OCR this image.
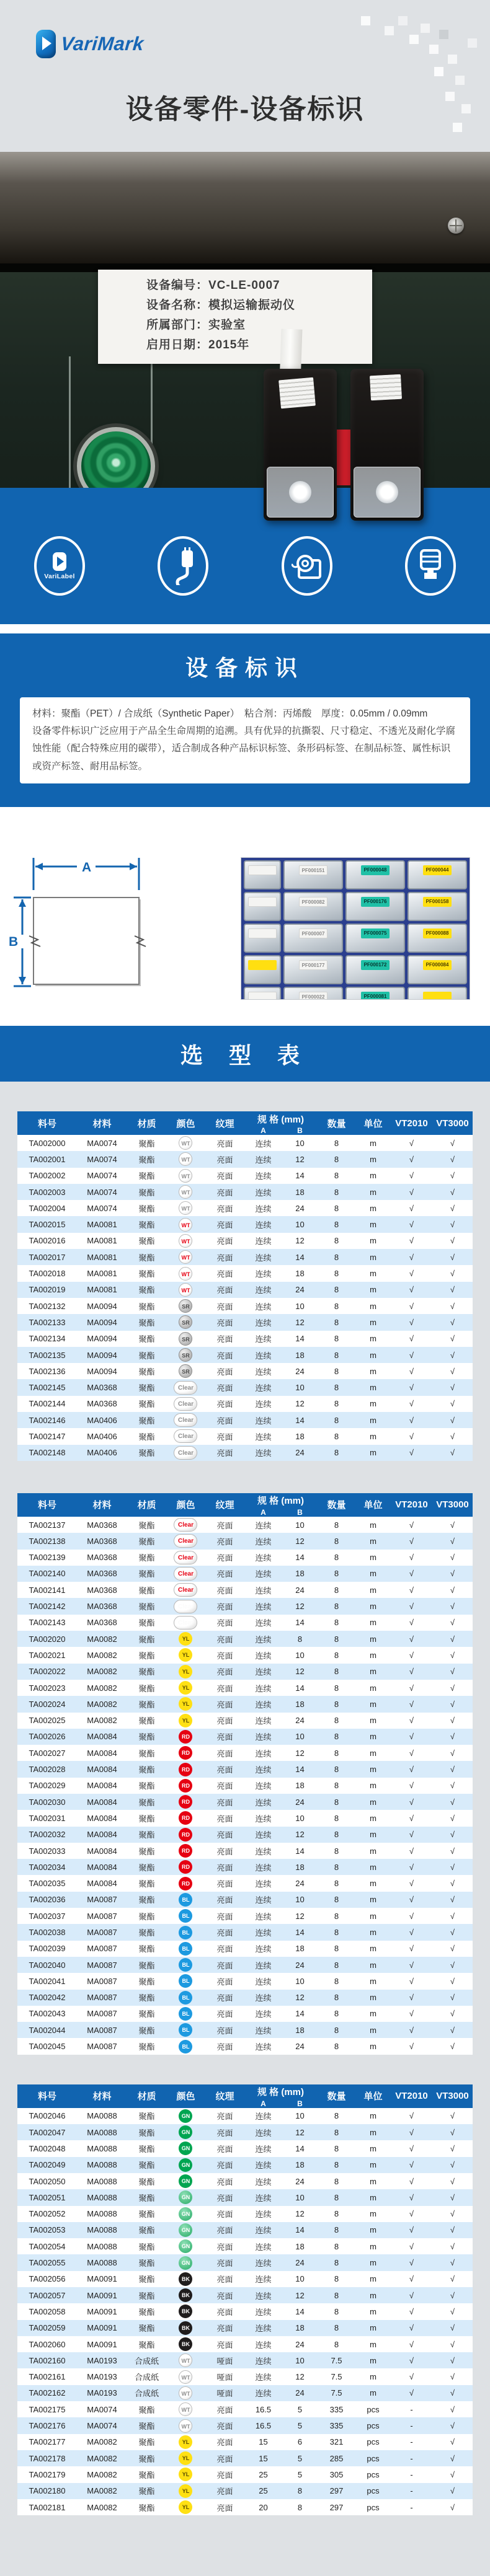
VariMark
设备零件-设备标识
设备编号：VC-LE-0007
设备名称：模拟运输振动仪
所属部门：实验室
启用日期：2015年
VariLabel
设备标识

材料：聚酯（PET）/ 合成纸（Synthetic Paper）　粘合剂：丙烯酸　厚度：0.05mm / 0.09mm

设备零件标识广泛应用于产品全生命周期的追溯。具有优异的抗撕裂、尺寸稳定、不透光及耐化学腐蚀性能（配合特殊应用的碳带），适合制成各种产品标识标签、条形码标签、在制品标签、属性标识或资产标签、耐用品标签。

A
B
PF000151	PF000048	PF000044
PF000082	PF000176	PF000158
PF000007	PF000075	PF000088
PF000177	PF000172	PF000084
PF000022	PF000081
选 型 表
料号	材料	材质	颜色	纹理	规 格 (mm)		数量	单位	VT2010	VT3000
					A	B				
TA002000	MA0074	聚酯	WT	亮面	连续	10	8	m	√	√
TA002001	MA0074	聚酯	WT	亮面	连续	12	8	m	√	√
TA002002	MA0074	聚酯	WT	亮面	连续	14	8	m	√	√
TA002003	MA0074	聚酯	WT	亮面	连续	18	8	m	√	√
TA002004	MA0074	聚酯	WT	亮面	连续	24	8	m	√	√
TA002015	MA0081	聚酯	WT	亮面	连续	10	8	m	√	√
TA002016	MA0081	聚酯	WT	亮面	连续	12	8	m	√	√
TA002017	MA0081	聚酯	WT	亮面	连续	14	8	m	√	√
TA002018	MA0081	聚酯	WT	亮面	连续	18	8	m	√	√
TA002019	MA0081	聚酯	WT	亮面	连续	24	8	m	√	√
TA002132	MA0094	聚酯	SR	亮面	连续	10	8	m	√	√
TA002133	MA0094	聚酯	SR	亮面	连续	12	8	m	√	√
TA002134	MA0094	聚酯	SR	亮面	连续	14	8	m	√	√
TA002135	MA0094	聚酯	SR	亮面	连续	18	8	m	√	√
TA002136	MA0094	聚酯	SR	亮面	连续	24	8	m	√	√
TA002145	MA0368	聚酯	Clear	亮面	连续	10	8	m	√	√
TA002144	MA0368	聚酯	Clear	亮面	连续	12	8	m	√	√
TA002146	MA0406	聚酯	Clear	亮面	连续	14	8	m	√	√
TA002147	MA0406	聚酯	Clear	亮面	连续	18	8	m	√	√
TA002148	MA0406	聚酯	Clear	亮面	连续	24	8	m	√	√
料号	材料	材质	颜色	纹理	规 格 (mm)		数量	单位	VT2010	VT3000
					A	B				
TA002137	MA0368	聚酯	Clear	亮面	连续	10	8	m	√	√
TA002138	MA0368	聚酯	Clear	亮面	连续	12	8	m	√	√
TA002139	MA0368	聚酯	Clear	亮面	连续	14	8	m	√	√
TA002140	MA0368	聚酯	Clear	亮面	连续	18	8	m	√	√
TA002141	MA0368	聚酯	Clear	亮面	连续	24	8	m	√	√
TA002142	MA0368	聚酯	Clear	亮面	连续	12	8	m	√	√
TA002143	MA0368	聚酯	Clear	亮面	连续	14	8	m	√	√
TA002020	MA0082	聚酯	YL	亮面	连续	8	8	m	√	√
TA002021	MA0082	聚酯	YL	亮面	连续	10	8	m	√	√
TA002022	MA0082	聚酯	YL	亮面	连续	12	8	m	√	√
TA002023	MA0082	聚酯	YL	亮面	连续	14	8	m	√	√
TA002024	MA0082	聚酯	YL	亮面	连续	18	8	m	√	√
TA002025	MA0082	聚酯	YL	亮面	连续	24	8	m	√	√
TA002026	MA0084	聚酯	RD	亮面	连续	10	8	m	√	√
TA002027	MA0084	聚酯	RD	亮面	连续	12	8	m	√	√
TA002028	MA0084	聚酯	RD	亮面	连续	14	8	m	√	√
TA002029	MA0084	聚酯	RD	亮面	连续	18	8	m	√	√
TA002030	MA0084	聚酯	RD	亮面	连续	24	8	m	√	√
TA002031	MA0084	聚酯	RD	亮面	连续	10	8	m	√	√
TA002032	MA0084	聚酯	RD	亮面	连续	12	8	m	√	√
TA002033	MA0084	聚酯	RD	亮面	连续	14	8	m	√	√
TA002034	MA0084	聚酯	RD	亮面	连续	18	8	m	√	√
TA002035	MA0084	聚酯	RD	亮面	连续	24	8	m	√	√
TA002036	MA0087	聚酯	BL	亮面	连续	10	8	m	√	√
TA002037	MA0087	聚酯	BL	亮面	连续	12	8	m	√	√
TA002038	MA0087	聚酯	BL	亮面	连续	14	8	m	√	√
TA002039	MA0087	聚酯	BL	亮面	连续	18	8	m	√	√
TA002040	MA0087	聚酯	BL	亮面	连续	24	8	m	√	√
TA002041	MA0087	聚酯	BL	亮面	连续	10	8	m	√	√
TA002042	MA0087	聚酯	BL	亮面	连续	12	8	m	√	√
TA002043	MA0087	聚酯	BL	亮面	连续	14	8	m	√	√
TA002044	MA0087	聚酯	BL	亮面	连续	18	8	m	√	√
TA002045	MA0087	聚酯	BL	亮面	连续	24	8	m	√	√
料号	材料	材质	颜色	纹理	规 格 (mm)		数量	单位	VT2010	VT3000
					A	B				
TA002046	MA0088	聚酯	GN	亮面	连续	10	8	m	√	√
TA002047	MA0088	聚酯	GN	亮面	连续	12	8	m	√	√
TA002048	MA0088	聚酯	GN	亮面	连续	14	8	m	√	√
TA002049	MA0088	聚酯	GN	亮面	连续	18	8	m	√	√
TA002050	MA0088	聚酯	GN	亮面	连续	24	8	m	√	√
TA002051	MA0088	聚酯	GN	亮面	连续	10	8	m	√	√
TA002052	MA0088	聚酯	GN	亮面	连续	12	8	m	√	√
TA002053	MA0088	聚酯	GN	亮面	连续	14	8	m	√	√
TA002054	MA0088	聚酯	GN	亮面	连续	18	8	m	√	√
TA002055	MA0088	聚酯	GN	亮面	连续	24	8	m	√	√
TA002056	MA0091	聚酯	BK	亮面	连续	10	8	m	√	√
TA002057	MA0091	聚酯	BK	亮面	连续	12	8	m	√	√
TA002058	MA0091	聚酯	BK	亮面	连续	14	8	m	√	√
TA002059	MA0091	聚酯	BK	亮面	连续	18	8	m	√	√
TA002060	MA0091	聚酯	BK	亮面	连续	24	8	m	√	√
TA002160	MA0193	合成纸	WT	哑面	连续	10	7.5	m	√	√
TA002161	MA0193	合成纸	WT	哑面	连续	12	7.5	m	√	√
TA002162	MA0193	合成纸	WT	哑面	连续	24	7.5	m	√	√
TA002175	MA0074	聚酯	WT	亮面	16.5	5	335	pcs	-	√
TA002176	MA0074	聚酯	WT	亮面	16.5	5	335	pcs	-	√
TA002177	MA0082	聚酯	YL	亮面	15	6	321	pcs	-	√
TA002178	MA0082	聚酯	YL	亮面	15	5	285	pcs	-	√
TA002179	MA0082	聚酯	YL	亮面	25	5	305	pcs	-	√
TA002180	MA0082	聚酯	YL	亮面	25	8	297	pcs	-	√
TA002181	MA0082	聚酯	YL	亮面	20	8	297	pcs	-	√
